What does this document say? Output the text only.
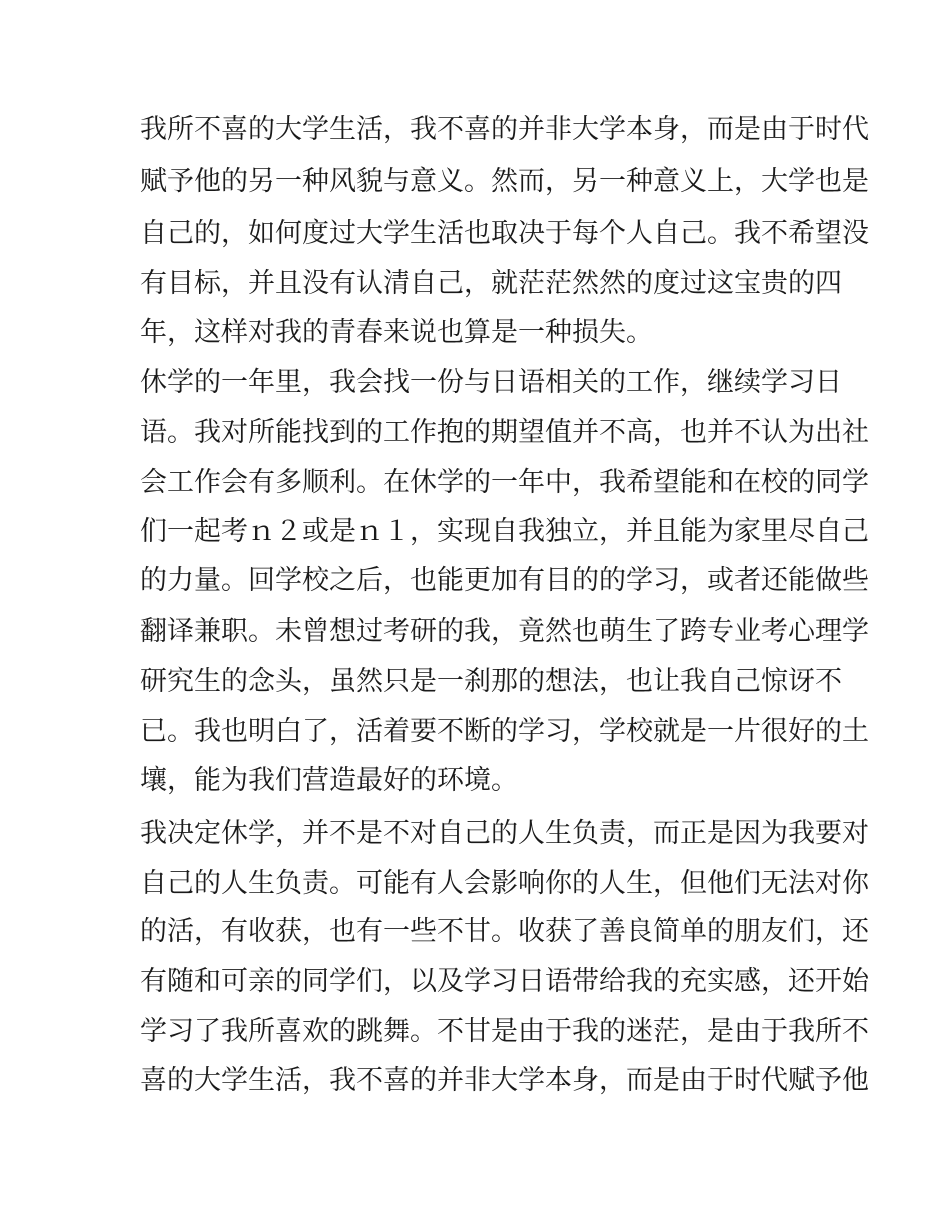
我所不喜的大学生活，我不喜的并非大学本身，而是由于时代

赋予他的另一种风貌与意义。然而，另一种意义上，大学也是

自己的，如何度过大学生活也取决于每个人自己。我不希望没

有目标，并且没有认清自己，就茫茫然然的度过这宝贵的四

年，这样对我的青春来说也算是一种损失。

休学的一年里，我会找一份与日语相关的工作，继续学习日

语。我对所能找到的工作抱的期望值并不高，也并不认为出社

会工作会有多顺利。在休学的一年中，我希望能和在校的同学

们一起考ｎ２或是ｎ１，实现自我独立，并且能为家里尽自己

的力量。回学校之后，也能更加有目的的学习，或者还能做些

翻译兼职。未曾想过考研的我，竟然也萌生了跨专业考心理学

研究生的念头，虽然只是一刹那的想法，也让我自己惊讶不

已。我也明白了，活着要不断的学习，学校就是一片很好的土

壤，能为我们营造最好的环境。

我决定休学，并不是不对自己的人生负责，而正是因为我要对

自己的人生负责。可能有人会影响你的人生，但他们无法对你

的活，有收获，也有一些不甘。收获了善良简单的朋友们，还

有随和可亲的同学们，以及学习日语带给我的充实感，还开始

学习了我所喜欢的跳舞。不甘是由于我的迷茫，是由于我所不

喜的大学生活，我不喜的并非大学本身，而是由于时代赋予他
